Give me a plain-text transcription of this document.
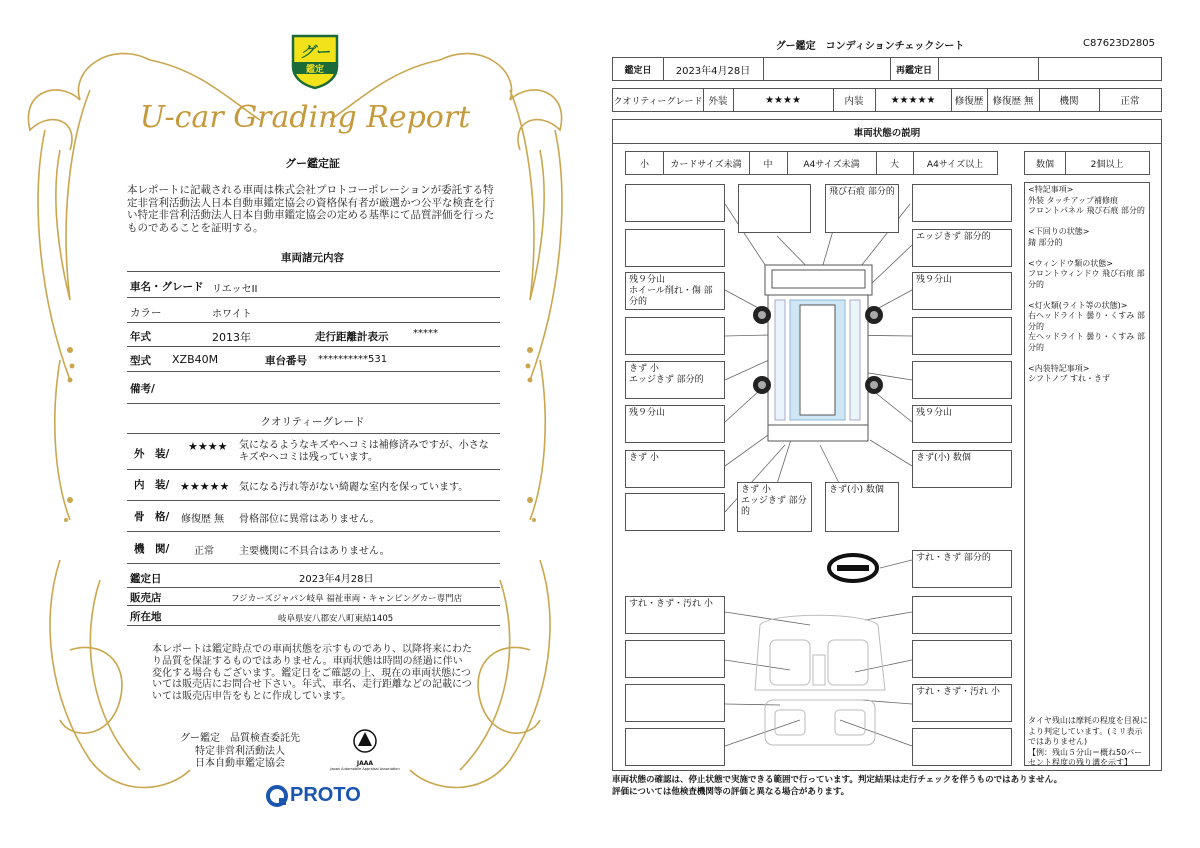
グー
鑑定
U-car Grading Report
グー鑑定証
本レポートに記載される車両は株式会社プロトコーポレーションが委託する特定非営利活動法人日本自動車鑑定協会の資格保有者が厳選かつ公平な検査を行い特定非営利活動法人日本自動車鑑定協会の定める基準にて品質評価を行ったものであることを証明する。
車両諸元内容
車名・グレード リエッセII
カラー	ホワイト
年式	2013年	走行距離計表示 *****
型式 XZB40M	車台番号 **********531
備考/
クオリティーグレード
外　装/
★★★★ 気になるようなキズやヘコミは補修済みですが、小さなキズやヘコミは残っています。
内　装/ ★★★★★ 気になる汚れ等がない綺麗な室内を保っています。
骨　格/ 修復歴 無 骨格部位に異常はありません。
機　関/ 正常	主要機関に不具合はありません。
鑑定日	2023年4月28日
販売店	フジカーズジャパン岐阜 福祉車両・キャンピングカー専門店
所在地	岐阜県安八郡安八町東結1405
本レポートは鑑定時点での車両状態を示すものであり、以降将来にわたり品質を保証するものではありません。車両状態は時間の経過に伴い変化する場合もございます。鑑定日をご確認の上、現在の車両状態については販売店にお問合せ下さい。年式、車名、走行距離などの記載については販売店申告をもとに作成しています。
グー鑑定　品質検査委託先
特定非営利活動法人
日本自動車鑑定協会	JAAA
Japan Automobile Appraisal Association
PROTO
グー鑑定　コンディションチェックシート	C87623D2805
鑑定日	2023年4月28日	再鑑定日
クオリティーグレード 外装	★★★★	内装	★★★★★	修復歴 修復歴 無	機関	正常
車両状態の説明
小	カードサイズ未満	中	A4サイズ未満	大	A4サイズ以上	数個	2個以上
残９分山
ホイール削れ・傷 部分的
きず 小
エッジきず 部分的
残９分山
きず 小
飛び石痕 部分的
エッジきず 部分的
残９分山
残９分山
きず(小) 数個
きず 小
エッジきず 部分的
きず(小) 数個
すれ・きず 部分的
すれ・きず・汚れ 小
すれ・きず・汚れ 小
<特記事項>
外装 タッチアップ補修痕
フロントパネル 飛び石痕 部分的

<下回りの状態>
錆 部分的

<ウィンドウ類の状態>
フロントウィンドウ 飛び石痕 部分的

<灯火類(ライト等の状態)>
右ヘッドライト 曇り・くすみ 部分的
左ヘッドライト 曇り・くすみ 部分的

<内装特記事項>
シフトノブ すれ・きず
タイヤ残山は摩耗の程度を目視により判定しています。(ミリ表示ではありません)
【例：残山５分山＝概ね50パーセント程度の残り溝を示す】
車両状態の確認は、停止状態で実施できる範囲で行っています。判定結果は走行チェックを伴うものではありません。
評価については他検査機関等の評価と異なる場合があります。
